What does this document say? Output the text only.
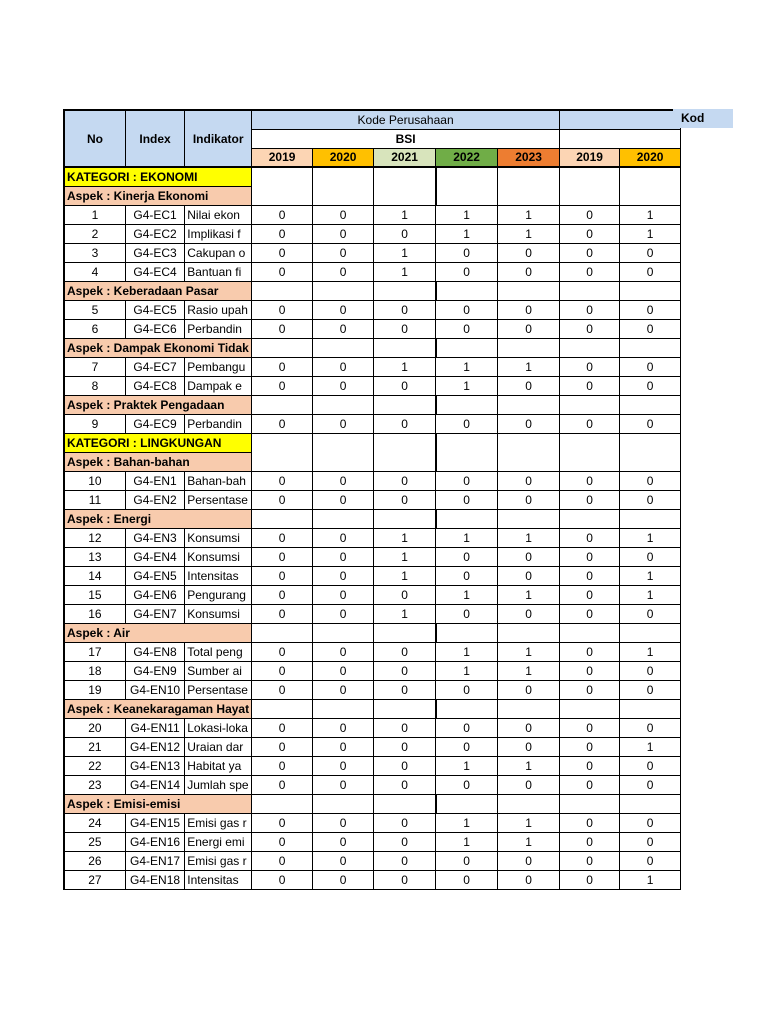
No	Index	Indikator	Kode Perusahaan						
			BSI						
			2019	2020	2021	2022	2023	2019	2020
KATEGORI : EKONOMI									
Aspek : Kinerja Ekonomi									
1	G4-EC1	Nilai ekon	0	0	1	1	1	0	1
2	G4-EC2	Implikasi f	0	0	0	1	1	0	1
3	G4-EC3	Cakupan o	0	0	1	0	0	0	0
4	G4-EC4	Bantuan fi	0	0	1	0	0	0	0
Aspek : Keberadaan Pasar									
5	G4-EC5	Rasio upah	0	0	0	0	0	0	0
6	G4-EC6	Perbandin	0	0	0	0	0	0	0
Aspek : Dampak Ekonomi Tidak									
7	G4-EC7	Pembangu	0	0	1	1	1	0	0
8	G4-EC8	Dampak e	0	0	0	1	0	0	0
Aspek : Praktek Pengadaan									
9	G4-EC9	Perbandin	0	0	0	0	0	0	0
KATEGORI : LINGKUNGAN									
Aspek : Bahan-bahan									
10	G4-EN1	Bahan-bah	0	0	0	0	0	0	0
11	G4-EN2	Persentase	0	0	0	0	0	0	0
Aspek : Energi									
12	G4-EN3	Konsumsi	0	0	1	1	1	0	1
13	G4-EN4	Konsumsi	0	0	1	0	0	0	0
14	G4-EN5	Intensitas	0	0	1	0	0	0	1
15	G4-EN6	Pengurang	0	0	0	1	1	0	1
16	G4-EN7	Konsumsi	0	0	1	0	0	0	0
Aspek : Air									
17	G4-EN8	Total peng	0	0	0	1	1	0	1
18	G4-EN9	Sumber ai	0	0	0	1	1	0	0
19	G4-EN10	Persentase	0	0	0	0	0	0	0
Aspek : Keanekaragaman Hayat									
20	G4-EN11	Lokasi-loka	0	0	0	0	0	0	0
21	G4-EN12	Uraian dar	0	0	0	0	0	0	1
22	G4-EN13	Habitat ya	0	0	0	1	1	0	0
23	G4-EN14	Jumlah spe	0	0	0	0	0	0	0
Aspek : Emisi-emisi									
24	G4-EN15	Emisi gas r	0	0	0	1	1	0	0
25	G4-EN16	Energi emi	0	0	0	1	1	0	0
26	G4-EN17	Emisi gas r	0	0	0	0	0	0	0
27	G4-EN18	Intensitas	0	0	0	0	0	0	1
Kod
